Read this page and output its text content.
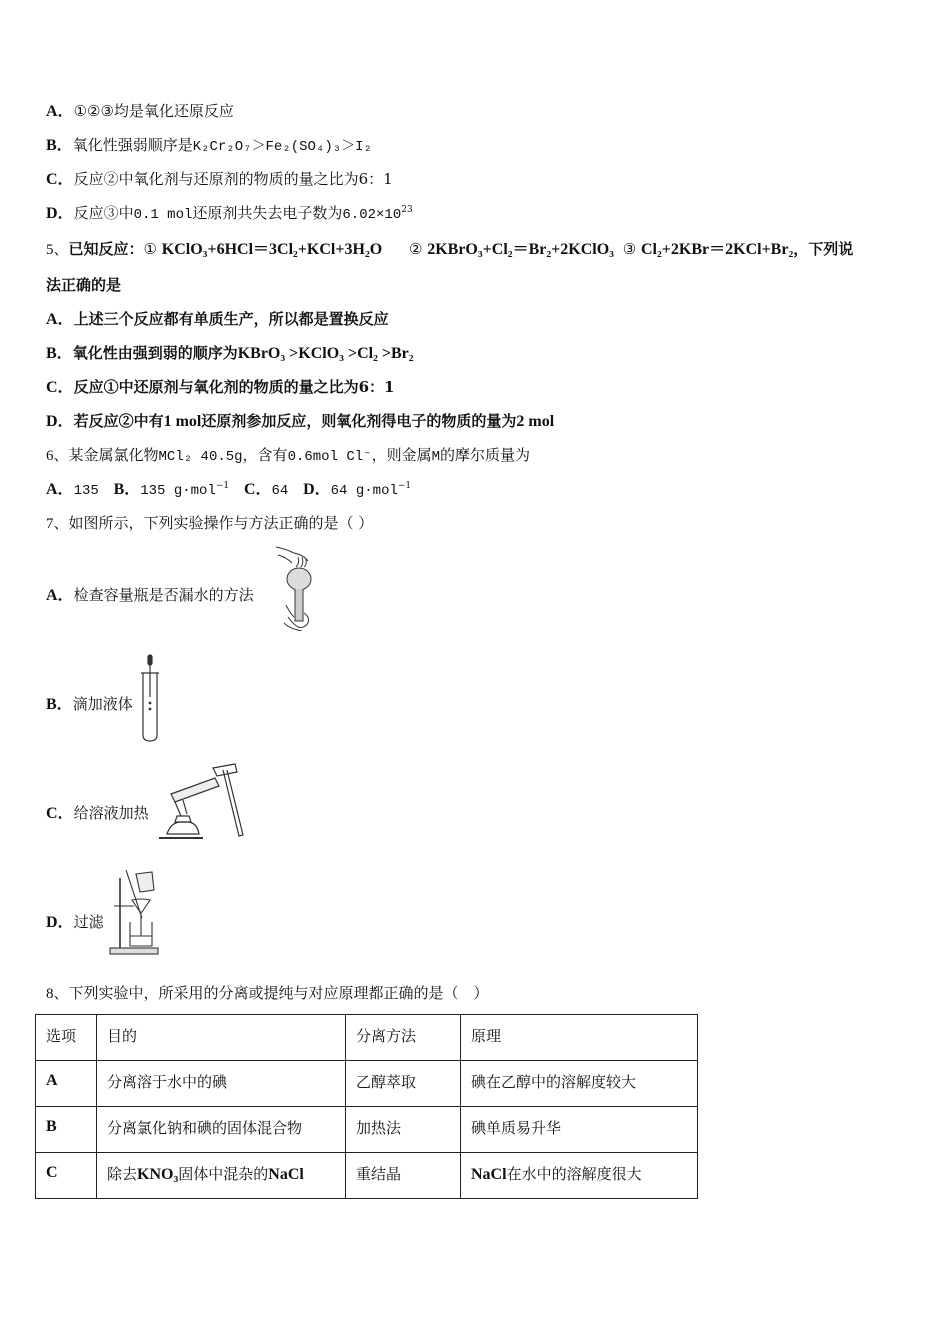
A．①②③均是氧化还原反应
B．氧化性强弱顺序是K₂Cr₂O₇＞Fe₂(SO₄)₃＞I₂
C．反应②中氧化剂与还原剂的物质的量之比为6：1
D．反应③中0.1 mol还原剂共失去电子数为$6.02\times 10^{23}$
5、已知反应：① KClO₃+6HCl＝3Cl₂+KCl+3H₂O ② 2KBrO₃+Cl₂＝Br₂+2KClO₃ ③ Cl₂+2KBr＝2KCl+Br₂，下列说
法正确的是
A．上述三个反应都有单质生产，所以都是置换反应
B．氧化性由强到弱的顺序为KBrO₃ >KClO₃ >Cl₂ >Br₂
C．反应①中还原剂与氧化剂的物质的量之比为6：1
D．若反应②中有1 mol还原剂参加反应，则氧化剂得电子的物质的量为2 mol
6、某金属氯化物MCl₂ 40.5g，含有0.6mol Cl⁻，则金属M的摩尔质量为
A．135 B．135 g·mol$^{-1}$ C．64 D．64 g·mol$^{-1}$
7、如图所示，下列实验操作与方法正确的是（ ）
A．检查容量瓶是否漏水的方法
B．滴加液体
C．给溶液加热
D．过滤
8、下列实验中，所采用的分离或提纯与对应原理都正确的是（　）
选项	目的	分离方法	原理
A	分离溶于水中的碘	乙醇萃取	碘在乙醇中的溶解度较大
B	分离氯化钠和碘的固体混合物	加热法	碘单质易升华
C	除去KNO₃固体中混杂的NaCl	重结晶	NaCl在水中的溶解度很大
